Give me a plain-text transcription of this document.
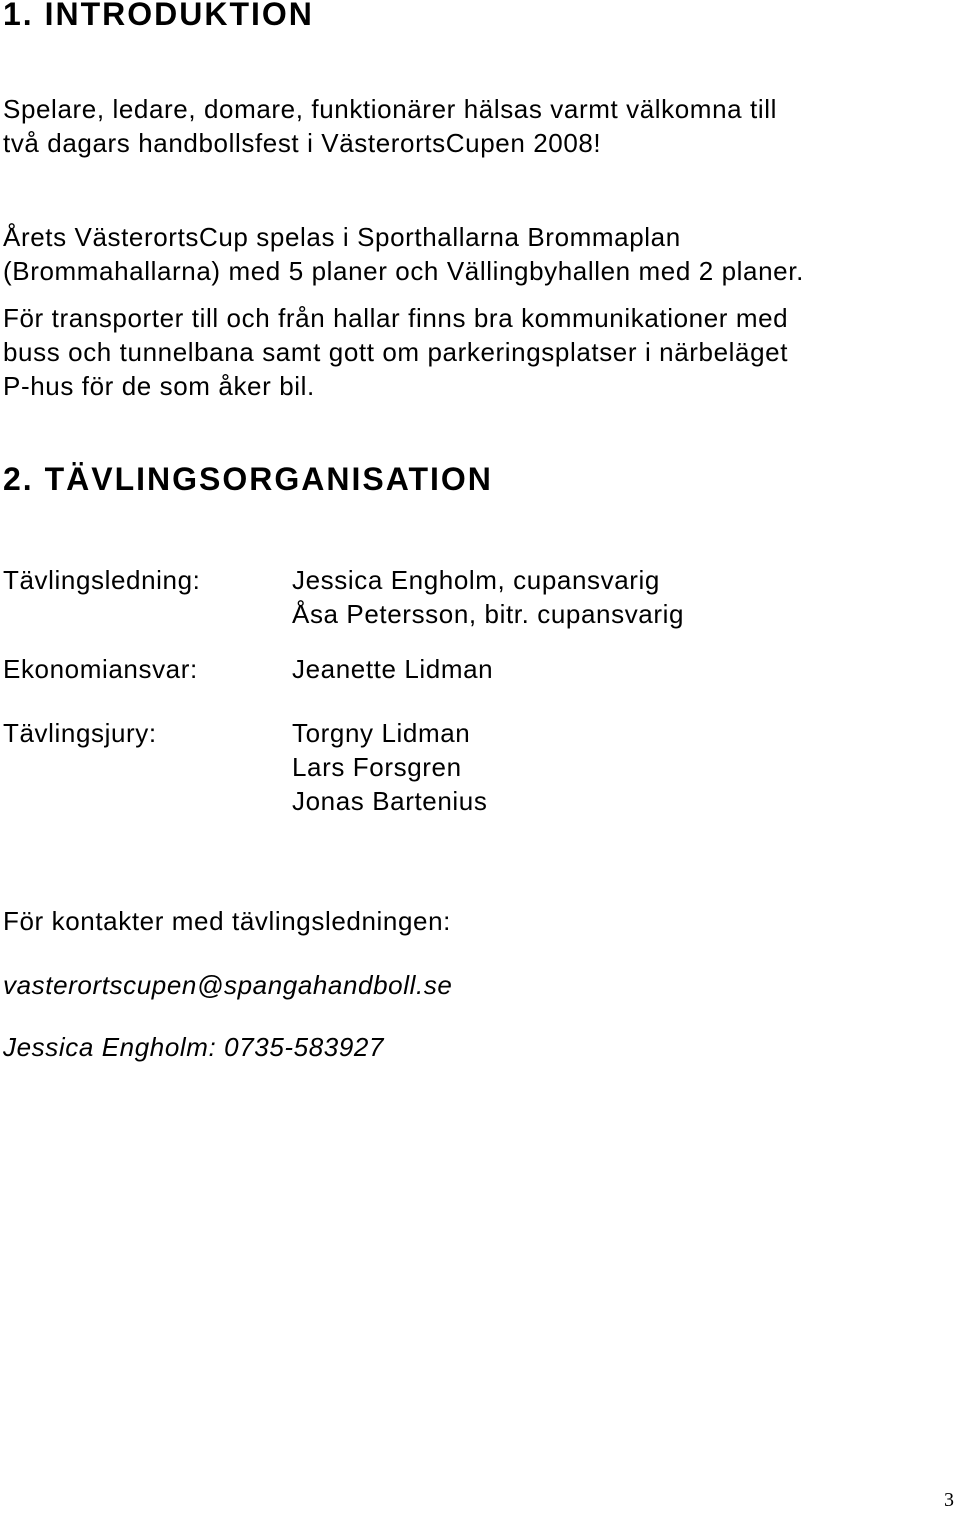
1. INTRODUKTION

Spelare, ledare, domare, funktionärer hälsas varmt välkomna till

två dagars handbollsfest i VästerortsCupen 2008!

Årets VästerortsCup spelas i Sporthallarna Brommaplan

(Brommahallarna) med 5 planer och Vällingbyhallen med 2 planer.

För transporter till och från hallar finns bra kommunikationer med

buss och tunnelbana samt gott om parkeringsplatser i närbeläget

P-hus för de som åker bil.

2. TÄVLINGSORGANISATION

Tävlingsledning:	Jessica Engholm, cupansvarig

Åsa Petersson, bitr. cupansvarig

Ekonomiansvar:	Jeanette Lidman

Tävlingsjury:	Torgny Lidman

Lars Forsgren

Jonas Bartenius

För kontakter med tävlingsledningen:

vasterortscupen@spangahandboll.se

Jessica Engholm: 0735-583927

3
